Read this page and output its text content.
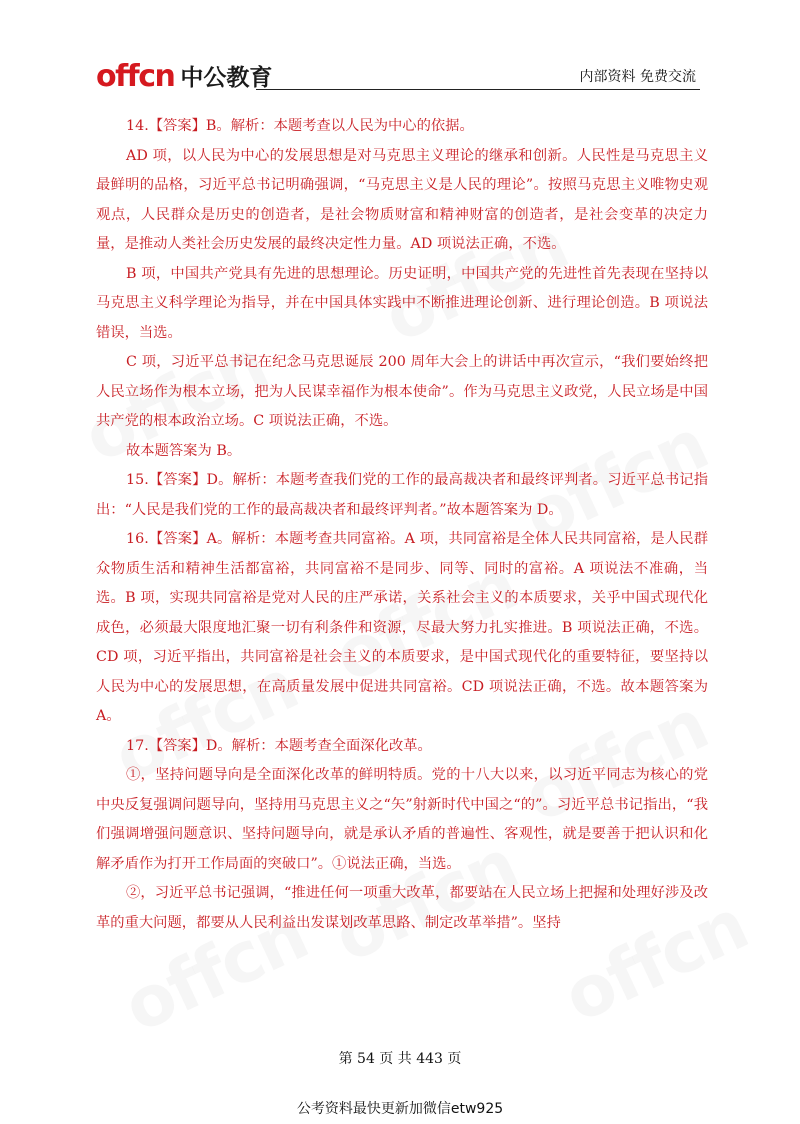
offcn 中公教育	内部资料 免费交流

14.【答案】B。解析：本题考查以人民为中心的依据。

AD 项，以人民为中心的发展思想是对马克思主义理论的继承和创新。人民性是马克思主义最鲜明的品格，习近平总书记明确强调，“马克思主义是人民的理论”。按照马克思主义唯物史观观点，人民群众是历史的创造者，是社会物质财富和精神财富的创造者，是社会变革的决定力量，是推动人类社会历史发展的最终决定性力量。AD 项说法正确，不选。

B 项，中国共产党具有先进的思想理论。历史证明，中国共产党的先进性首先表现在坚持以马克思主义科学理论为指导，并在中国具体实践中不断推进理论创新、进行理论创造。B 项说法错误，当选。

C 项，习近平总书记在纪念马克思诞辰 200 周年大会上的讲话中再次宣示，“我们要始终把人民立场作为根本立场，把为人民谋幸福作为根本使命”。作为马克思主义政党，人民立场是中国共产党的根本政治立场。C 项说法正确，不选。

故本题答案为 B。

15.【答案】D。解析：本题考查我们党的工作的最高裁决者和最终评判者。习近平总书记指出：“人民是我们党的工作的最高裁决者和最终评判者。”故本题答案为 D。

16.【答案】A。解析：本题考查共同富裕。A 项，共同富裕是全体人民共同富裕，是人民群众物质生活和精神生活都富裕，共同富裕不是同步、同等、同时的富裕。A 项说法不准确，当选。B 项，实现共同富裕是党对人民的庄严承诺，关系社会主义的本质要求，关乎中国式现代化成色，必须最大限度地汇聚一切有利条件和资源，尽最大努力扎实推进。B 项说法正确，不选。CD 项，习近平指出，共同富裕是社会主义的本质要求，是中国式现代化的重要特征，要坚持以人民为中心的发展思想，在高质量发展中促进共同富裕。CD 项说法正确，不选。故本题答案为 A。

17.【答案】D。解析：本题考查全面深化改革。

①，坚持问题导向是全面深化改革的鲜明特质。党的十八大以来，以习近平同志为核心的党中央反复强调问题导向，坚持用马克思主义之“矢”射新时代中国之“的”。习近平总书记指出，“我们强调增强问题意识、坚持问题导向，就是承认矛盾的普遍性、客观性，就是要善于把认识和化解矛盾作为打开工作局面的突破口”。①说法正确，当选。

②，习近平总书记强调，“推进任何一项重大改革，都要站在人民立场上把握和处理好涉及改革的重大问题，都要从人民利益出发谋划改革思路、制定改革举措”。坚持

第 54 页 共 443 页
公考资料最快更新加微信etw925
